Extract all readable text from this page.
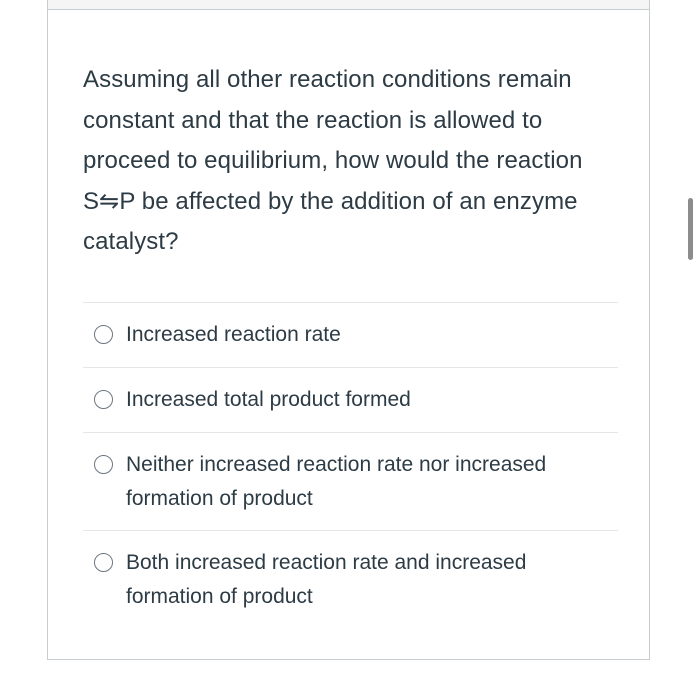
Assuming all other reaction conditions remain constant and that the reaction is allowed to proceed to equilibrium, how would the reaction S⇋P be affected by the addition of an enzyme catalyst?
Increased reaction rate
Increased total product formed
Neither increased reaction rate nor increased formation of product
Both increased reaction rate and increased formation of product
